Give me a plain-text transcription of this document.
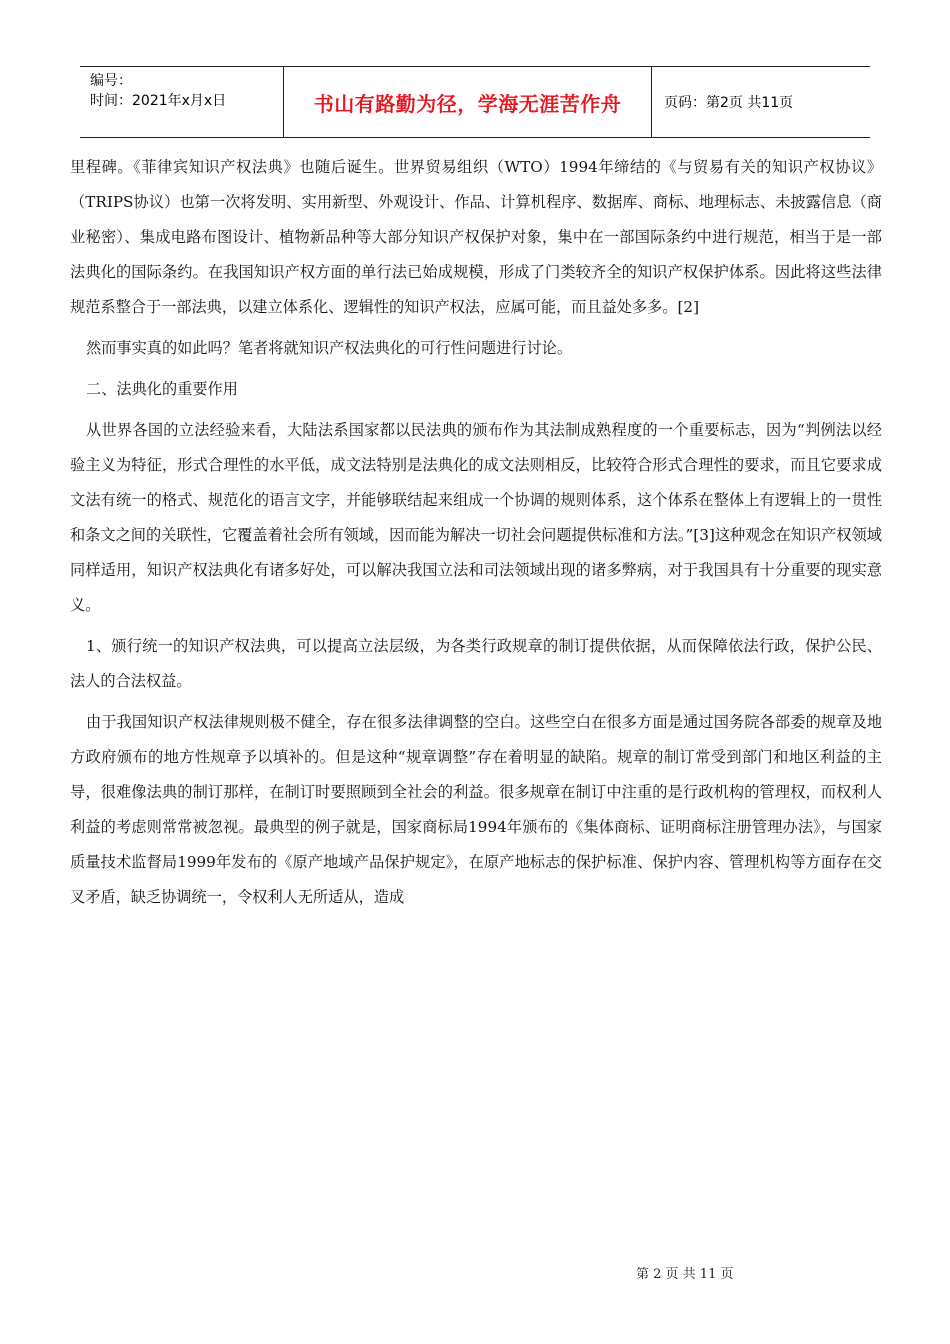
编号：
时间：2021年x月x日	书山有路勤为径，学海无涯苦作舟	页码：第2页 共11页

里程碑。《菲律宾知识产权法典》也随后诞生。世界贸易组织（WTO）1994年缔结的《与贸易有关的知识产权协议》（TRIPS协议）也第一次将发明、实用新型、外观设计、作品、计算机程序、数据库、商标、地理标志、未披露信息（商业秘密）、集成电路布图设计、植物新品种等大部分知识产权保护对象，集中在一部国际条约中进行规范，相当于是一部法典化的国际条约。在我国知识产权方面的单行法已始成规模，形成了门类较齐全的知识产权保护体系。因此将这些法律规范系整合于一部法典，以建立体系化、逻辑性的知识产权法，应属可能，而且益处多多。[2]

然而事实真的如此吗？笔者将就知识产权法典化的可行性问题进行讨论。

二、法典化的重要作用

从世界各国的立法经验来看，大陆法系国家都以民法典的颁布作为其法制成熟程度的一个重要标志，因为“判例法以经验主义为特征，形式合理性的水平低，成文法特别是法典化的成文法则相反，比较符合形式合理性的要求，而且它要求成文法有统一的格式、规范化的语言文字，并能够联结起来组成一个协调的规则体系，这个体系在整体上有逻辑上的一贯性和条文之间的关联性，它覆盖着社会所有领域，因而能为解决一切社会问题提供标准和方法。”[3]这种观念在知识产权领域同样适用，知识产权法典化有诸多好处，可以解决我国立法和司法领域出现的诸多弊病，对于我国具有十分重要的现实意义。

1、颁行统一的知识产权法典，可以提高立法层级，为各类行政规章的制订提供依据，从而保障依法行政，保护公民、法人的合法权益。

由于我国知识产权法律规则极不健全，存在很多法律调整的空白。这些空白在很多方面是通过国务院各部委的规章及地方政府颁布的地方性规章予以填补的。但是这种“规章调整”存在着明显的缺陷。规章的制订常受到部门和地区利益的主导，很难像法典的制订那样，在制订时要照顾到全社会的利益。很多规章在制订中注重的是行政机构的管理权，而权利人利益的考虑则常常被忽视。最典型的例子就是，国家商标局1994年颁布的《集体商标、证明商标注册管理办法》，与国家质量技术监督局1999年发布的《原产地域产品保护规定》，在原产地标志的保护标准、保护内容、管理机构等方面存在交叉矛盾，缺乏协调统一，令权利人无所适从，造成

第 2 页 共 11 页
